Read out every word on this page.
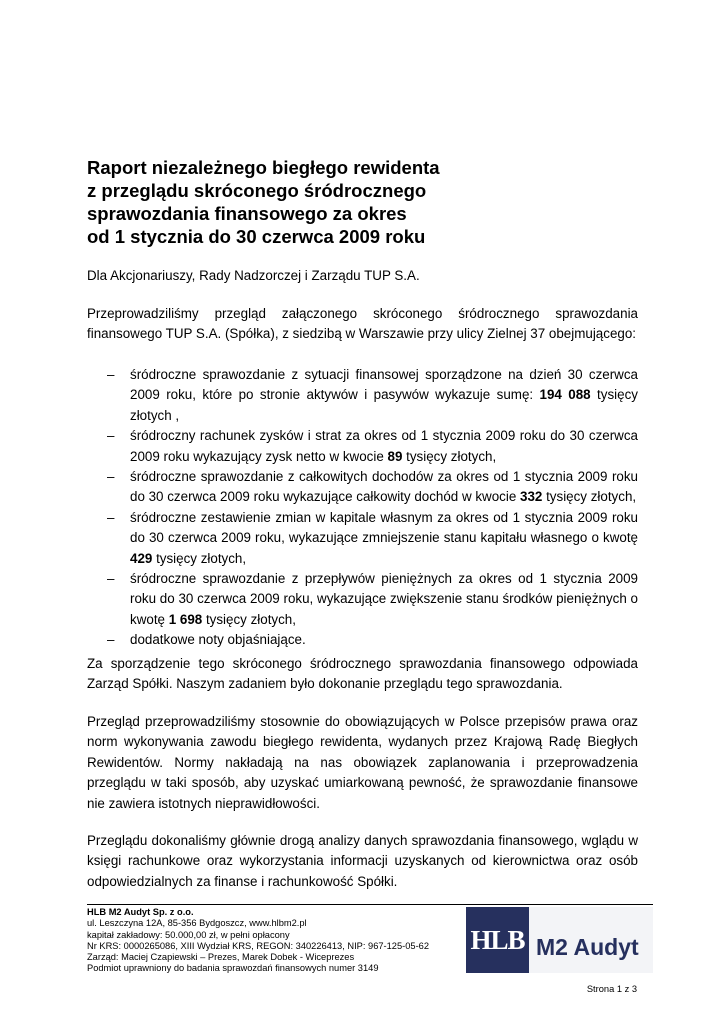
Raport niezależnego biegłego rewidenta
z przeglądu skróconego śródrocznego
sprawozdania finansowego za okres
od 1 stycznia do 30 czerwca 2009 roku

Dla Akcjonariuszy, Rady Nadzorczej i Zarządu TUP S.A.

Przeprowadziliśmy przegląd załączonego skróconego śródrocznego sprawozdania finansowego TUP S.A. (Spółka), z siedzibą w Warszawie przy ulicy Zielnej 37 obejmującego:

– śródroczne sprawozdanie z sytuacji finansowej sporządzone na dzień 30 czerwca 2009 roku, które po stronie aktywów i pasywów wykazuje sumę: 194 088 tysięcy złotych ,
– śródroczny rachunek zysków i strat za okres od 1 stycznia 2009 roku do 30 czerwca 2009 roku wykazujący zysk netto w kwocie 89 tysięcy złotych,
– śródroczne sprawozdanie z całkowitych dochodów za okres od 1 stycznia 2009 roku do 30 czerwca 2009 roku wykazujące całkowity dochód w kwocie 332 tysięcy złotych,
– śródroczne zestawienie zmian w kapitale własnym za okres od 1 stycznia 2009 roku do 30 czerwca 2009 roku, wykazujące zmniejszenie stanu kapitału własnego o kwotę 429 tysięcy złotych,
– śródroczne sprawozdanie z przepływów pieniężnych za okres od 1 stycznia 2009 roku do 30 czerwca 2009 roku, wykazujące zwiększenie stanu środków pieniężnych o kwotę 1 698 tysięcy złotych,
– dodatkowe noty objaśniające.

Za sporządzenie tego skróconego śródrocznego sprawozdania finansowego odpowiada Zarząd Spółki. Naszym zadaniem było dokonanie przeglądu tego sprawozdania.

Przegląd przeprowadziliśmy stosownie do obowiązujących w Polsce przepisów prawa oraz norm wykonywania zawodu biegłego rewidenta, wydanych przez Krajową Radę Biegłych Rewidentów. Normy nakładają na nas obowiązek zaplanowania i przeprowadzenia przeglądu w taki sposób, aby uzyskać umiarkowaną pewność, że sprawozdanie finansowe nie zawiera istotnych nieprawidłowości.

Przeglądu dokonaliśmy głównie drogą analizy danych sprawozdania finansowego, wglądu w księgi rachunkowe oraz wykorzystania informacji uzyskanych od kierownictwa oraz osób odpowiedzialnych za finanse i rachunkowość Spółki.

HLB M2 Audyt Sp. z o.o.
ul. Leszczyna 12A, 85-356 Bydgoszcz, www.hlbm2.pl
kapitał zakładowy: 50.000,00 zł, w pełni opłacony
Nr KRS: 0000265086, XIII Wydział KRS, REGON: 340226413, NIP: 967-125-05-62
Zarząd: Maciej Czapiewski – Prezes, Marek Dobek - Wiceprezes
Podmiot uprawniony do badania sprawozdań finansowych numer 3149
HLB M2 Audyt
Strona 1 z 3
